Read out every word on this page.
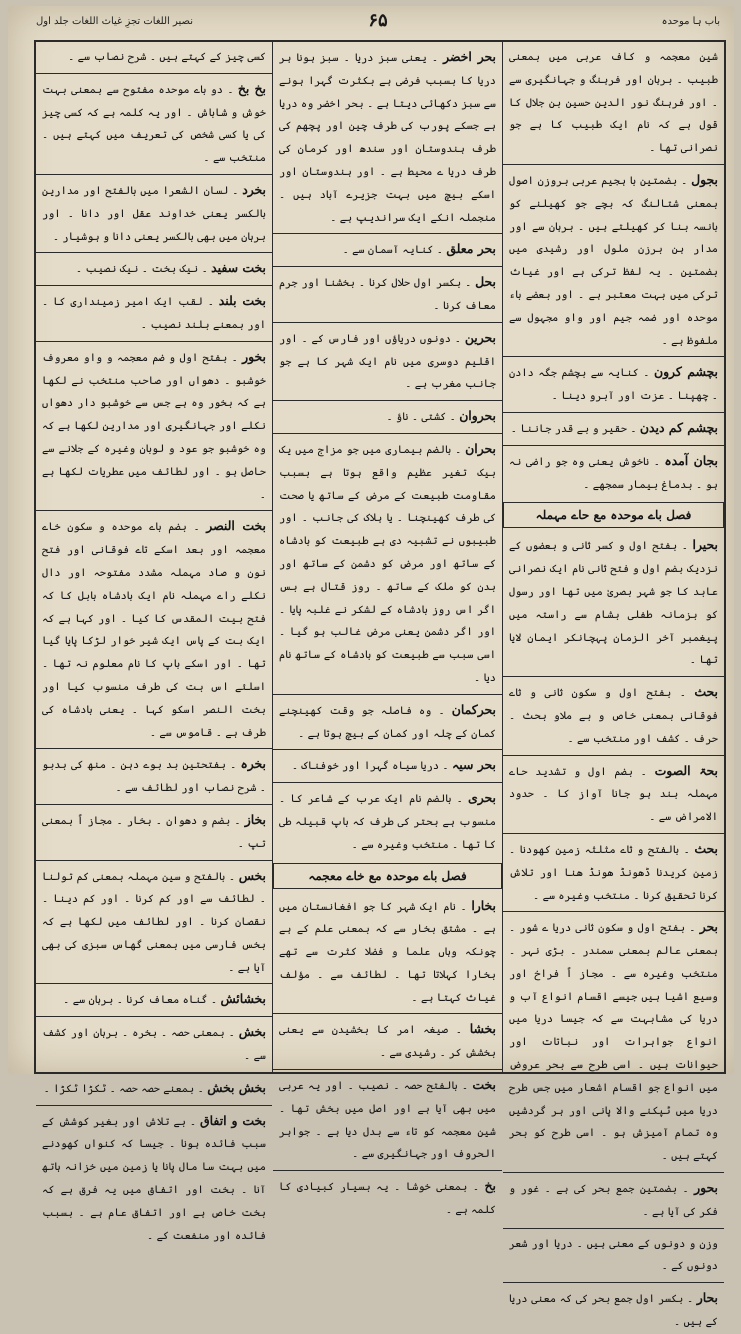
باب ہا موحدہ
۶۵
نصیر اللغات تجزِ غیاث اللغات جلد اول

شین معجمہ و کاف عربی میں بمعنی طبیب ۔ برہان اور فرہنگ و جہانگیری سے ۔ اور فرہنگ نور الدین حسین بن جلال کا قول ہے کہ نام ایک طبیب کا ہے جو نصرانی تھا ۔

بجول ۔ بضمتین با ہجیم عربی بروزن اصول بمعنی شتالنگ کہ بچے جو کھیلنے کو بانسہ بنا کر کھیلتے ہیں ۔ برہان سے اور مدار ہن برزن ملول اور رشیدی میں بضمتین ۔ یہ لفظ ترکی ہے اور غیاث ترکی میں بہت معتبر ہے ۔ اور بعضے باء موحدہ اور ضمہ جیم اور واو مجہول سے ملفوظ ہے ۔

بچشم کرون ۔ کنایہ سے بچشم جگہ دادن ۔ چھپنا ۔ عزت اور آبرو دینا ۔

بچشم کم دیدن ۔ حقیر و بے قدر جاننا ۔

بجان آمدہ ۔ ناخوش یعنی وہ جو راضی نہ ہو ۔ بدماغ بیمار سمجھے ۔

فصل باے موحدہ مع حاے مہملہ

بحیرا ۔ بفتح اول و کسر ثانی و بعضوں کے نزدیک بضم اول و فتح ثانی نام ایک نصرانی عابد کا جو شہر بصریٰ میں تھا اور رسول کو بزمانہ طفلی بشام سے راستہ میں پیغمبر آخر الزمان پہچانکر ایمان لایا تھا ۔

بحث ۔ بفتح اول و سکون ثانی و ثاے فوقانی بمعنی خاص و بے ملاو بحث ۔ حرف ۔ کشف اور منتخب سے ۔

بحۃ الصوت ۔ بضم اول و تشدید حاے مہملہ بند ہو جانا آواز کا ۔ حدود الامراض سے ۔

بحث ۔ بالفتح و ثاے مثلثہ زمین کھودنا ۔ زمین کریدنا ڈھونڈ ھونڈ ھنا اور تلاش کرنا تحقیق کرنا ۔ منتخب وغیرہ سے ۔

بحر ۔ بفتح اول و سکون ثانی دریا ے شور ۔ بمعنی عالم بمعنی سمندر ۔ بڑی نہر ۔ منتخب وغیرہ سے ۔ مجاز اً فراخ اور وسیع اشیا ہیں جیسے اقسام انواع آب و دریا کی مشابہت سے کہ جیسا دریا میں انواع جواہرات اور نباتات اور حیوانات ہیں ۔ اسی طرح سے بحر عروض میں انواع جو اقسام اشعار میں جس طرح دریا میں ٹپکنے والا پانی اور ہر گردشیں وہ تمام آمیزش ہو ۔ اسی طرح کو بحر کہتے ہیں ۔

بحور ۔ بضمتین جمع بحر کی ہے ۔ غور و فکر کی آیا ہے ۔

وزن و دونوں کے معنی ہیں ۔ دریا اور شعر دونوں کے ۔

بحار ۔ بکسر اول جمع بحر کی کہ معنی دریا کے ہیں ۔

بحر اخضر ۔ یعنی سبز دریا ۔ سبز ہونا ہر دریا کا بسبب فرضی ہے بکثرت گہرا ہونے سے سبز دکھائی دیتا ہے ۔ بحر اخضر وہ دریا ہے جسکے پورب کی طرف چین اور پچھم کی طرف ہندوستان اور سندھ اور کرمان کی طرف دریا ے محیط ہے ۔ اور ہندوستان اور اسکے بیچ میں بہت جزیرے آباد ہیں ۔ منجملہ انکے ایک سراندیپ ہے ۔

بحر معلق ۔ کنایہ آسمان سے ۔

بحل ۔ بکسر اول حلال کرنا ۔ بخشنا اور جرم معاف کرنا ۔

بحرین ۔ دونوں دریاؤں اور فارس کے ۔ اور اقلیم دوسری میں نام ایک شہر کا ہے جو جانب مغرب ہے ۔

بحروان ۔ کشتی ۔ ناؤ ۔

بحران ۔ بالضم بیماری میں جو مزاج میں یک بیک تغیر عظیم واقع ہوتا ہے بسبب مقاومت طبیعت کے مرض کے ساتھ یا صحت کی طرف کھینچنا ۔ یا ہلاک کی جانب ۔ اور طبیبوں نے تشبیہ دی ہے طبیعت کو بادشاہ کے ساتھ اور مرض کو دشمن کے ساتھ اور بدن کو ملک کے ساتھ ۔ روز قتال ہے بس اگر اس روز بادشاہ کے لشکر نے غلبہ پایا ۔ اور اگر دشمن یعنی مرض غالب ہو گیا ۔ اسی سبب سے طبیعت کو بادشاہ کے ساتھ نام دیا ۔

بحرکمان ۔ وہ فاصلہ جو وقت کھینچنے کمان کے چلہ اور کمان کے بیچ ہوتا ہے ۔

بحر سیہ ۔ دریا سیاہ گہرا اور خوفناک ۔

بحری ۔ بالضم نام ایک عرب کے شاعر کا ۔ منسوب ہے بحتر کی طرف کہ باپ قبیلہ طی کا تھا ۔ منتخب وغیرہ سے ۔

فصل باے موحدہ مع خاے معجمہ

بخارا ۔ نام ایک شہر کا جو افغانستان میں ہے ۔ مشتق بخار سے کہ بمعنی علم کے ہے چونکہ وہاں علما و فضلا کثرت سے تھے بخارا کہلاتا تھا ۔ لطائف سے ۔ مؤلف غیاث کہتا ہے ۔

بخشا ۔ صیغہ امر کا بخشیدن سے یعنی بخشش کر ۔ رشیدی سے ۔

بخت ۔ بالفتح حصہ ۔ نصیب ۔ اور یہ عربی میں بھی آیا ہے اور اصل میں بخش تھا ۔ شین معجمہ کو تاء سے بدل دیا ہے ۔ جواہر الحروف اور جہانگیری سے ۔

بخ ۔ بمعنی خوشا ۔ یہ بسیار کبیادی کا کلمہ ہے ۔

کسی چیز کے کہتے ہیں ۔ شرح نصاب سے ۔

بخ بخ ۔ دو باے موحدہ مفتوح سے بمعنی بہت خوش و شاباش ۔ اور یہ کلمہ ہے کہ کسی چیز کی یا کسی شخص کی تعریف میں کہتے ہیں ۔ منتخب سے ۔

بخرد ۔ لسان الشعرا میں بالفتح اور مدارین بالکسر یعنی خداوند عقل اور دانا ۔ اور برہان میں بھی بالکسر یعنی دانا و ہوشیار ۔

بخت سفید ۔ نیک بخت ۔ نیک نصیب ۔

بخت بلند ۔ لقب ایک امیر زمینداری کا ۔ اور بمعنے بلند نصیب ۔

بخور ۔ بفتح اول و ضم معجمہ و واو معروف خوشبو ۔ دھواں اور صاحب منتخب نے لکھا ہے کہ بخور وہ ہے جس سے خوشبو دار دھواں نکلے اور جہانگیری اور مدارین لکھا ہے کہ وہ خوشبو جو عود و لوبان وغیرہ کے جلانے سے حاصل ہو ۔ اور لطائف میں عطریات لکھا ہے ۔

بخت النصر ۔ بضم باے موحدہ و سکون خاے معجمہ اور بعد اسکے تاے فوقانی اور فتح نون و صاد مہملہ مشدد مفتوحہ اور دال نکلے راے مہملہ نام ایک بادشاہ بابل کا کہ فتح بیت المقدس کا کیا ۔ اور کہا ہے کہ ایک بت کے پاس ایک شیر خوار لڑکا پایا گیا تھا ۔ اور اسکے باپ کا نام معلوم نہ تھا ۔ اسلئے اس بت کی طرف منسوب کیا اور بخت النصر اسکو کہا ۔ یعنی بادشاہ کی طرف ہے ۔ قاموس سے ۔

بخرہ ۔ بفتحتین بد بوے دہن ۔ منھ کی بدبو ۔ شرح نصاب اور لطائف سے ۔

بخاز ۔ بضم و دھوان ۔ بخار ۔ مجاز اً بمعنی تپ ۔

بخس ۔ بالفتح و سین مہملہ بمعنی کم تولنا ۔ لطائف سے اور کم کرنا ۔ اور کم دینا ۔ نقصان کرنا ۔ اور لطائف میں لکھا ہے کہ بخس فارسی میں بمعنی گھاس سبزی کی بھی آیا ہے ۔

بخشائش ۔ گناہ معاف کرنا ۔ برہان سے ۔

بخش ۔ بمعنی حصہ ۔ بخرہ ۔ برہان اور کشف سے ۔

بخش بخش ۔ بمعنے حصہ حصہ ۔ ٹکڑا ٹکڑا ۔

بخت و اتفاق ۔ بے تلاش اور بغیر کوشش کے سبب فائدہ ہونا ۔ جیسا کہ کنواں کھودنے میں بہت سا مال پانا یا زمین میں خزانہ ہاتھ آنا ۔ بخت اور اتفاق میں یہ فرق ہے کہ بخت خاص ہے اور اتفاق عام ہے ۔ بسبب فائدہ اور منفعت کے ۔
